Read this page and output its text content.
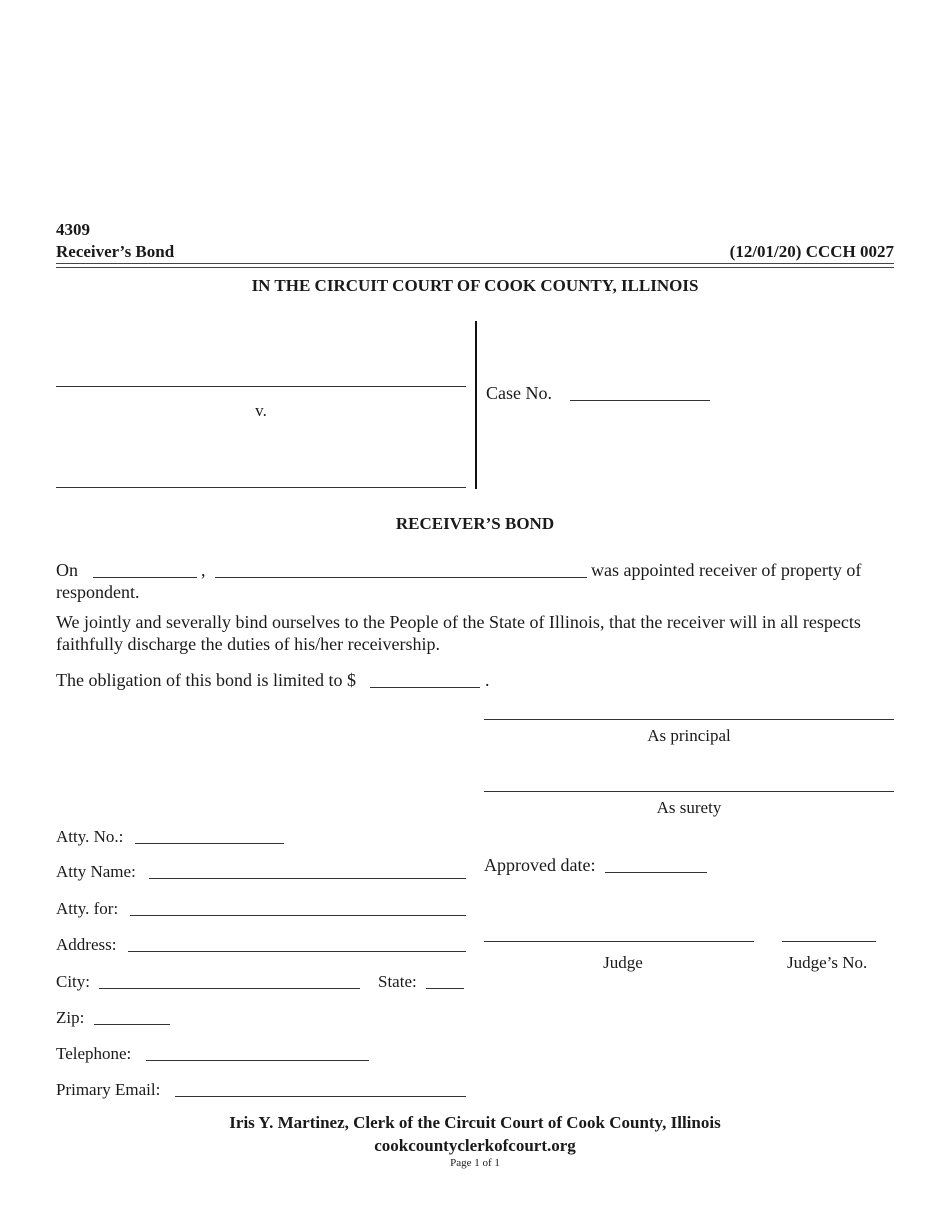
4309
Receiver’s Bond	(12/01/20) CCCH 0027
IN THE CIRCUIT COURT OF COOK COUNTY, ILLINOIS
v.
Case No.
RECEIVER’S BOND
On	,	was appointed receiver of property of
respondent.
We jointly and severally bind ourselves to the People of the State of Illinois, that the receiver will in all respects
faithfully discharge the duties of his/her receivership.
The obligation of this bond is limited to $	.
As principal
As surety
Approved date:
Judge	Judge’s No.
Atty. No.:
Atty Name:
Atty. for:
Address:
City:	State:
Zip:
Telephone:
Primary Email:
Iris Y. Martinez, Clerk of the Circuit Court of Cook County, Illinois
cookcountyclerkofcourt.org
Page 1 of 1
